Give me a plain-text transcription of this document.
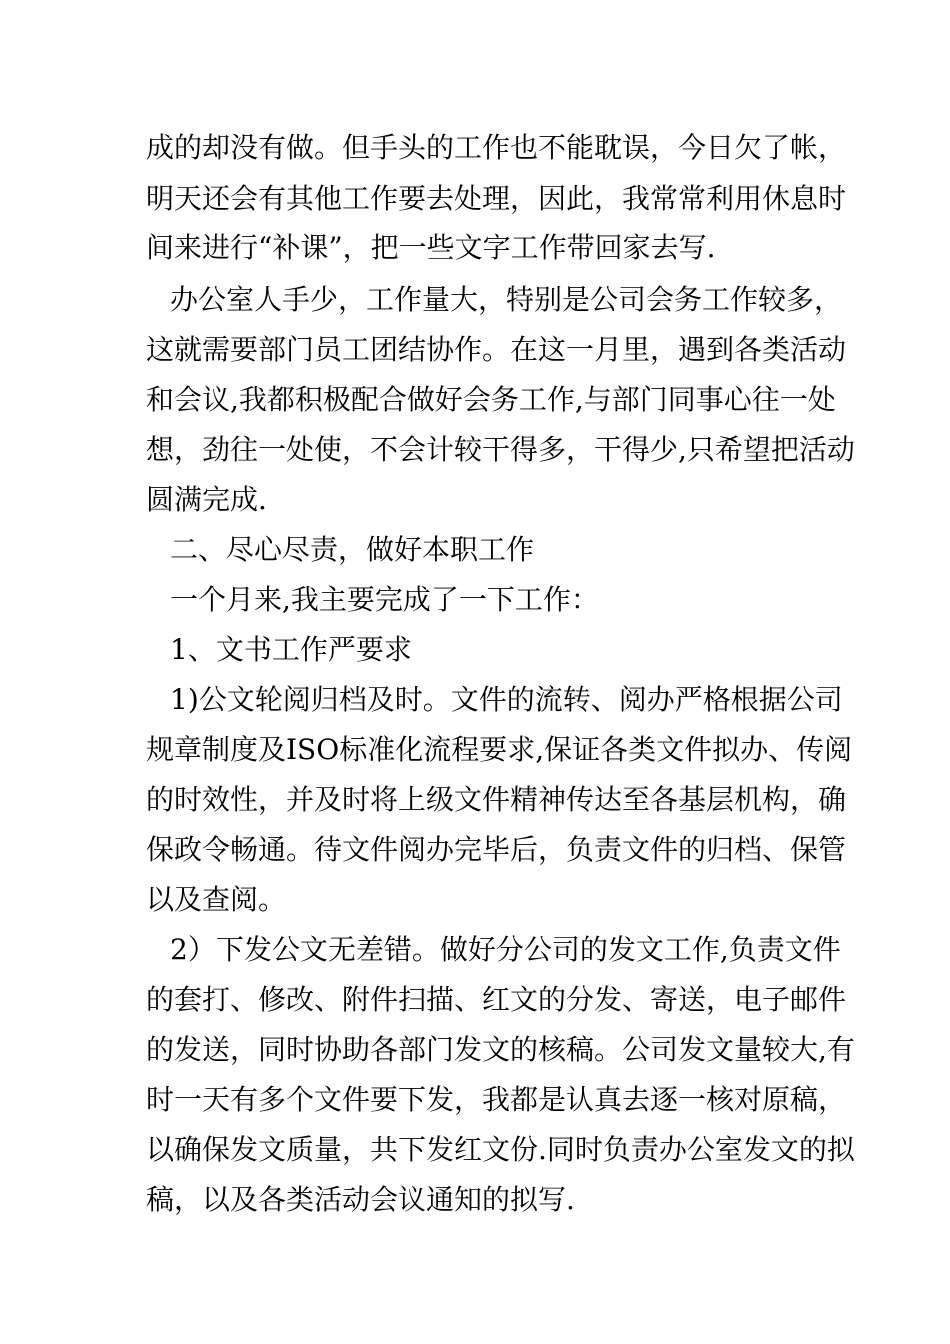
成的却没有做。但手头的工作也不能耽误，今日欠了帐，
明天还会有其他工作要去处理，因此，我常常利用休息时
间来进行“补课”，把一些文字工作带回家去写.
办公室人手少，工作量大，特别是公司会务工作较多，
这就需要部门员工团结协作。在这一月里，遇到各类活动
和会议,我都积极配合做好会务工作,与部门同事心往一处
想，劲往一处使，不会计较干得多，干得少,只希望把活动
圆满完成.
二、尽心尽责，做好本职工作
一个月来,我主要完成了一下工作：
1、文书工作严要求
1)公文轮阅归档及时。文件的流转、阅办严格根据公司
规章制度及ISO标准化流程要求,保证各类文件拟办、传阅
的时效性，并及时将上级文件精神传达至各基层机构，确
保政令畅通。待文件阅办完毕后，负责文件的归档、保管
以及查阅。
2）下发公文无差错。做好分公司的发文工作,负责文件
的套打、修改、附件扫描、红文的分发、寄送，电子邮件
的发送，同时协助各部门发文的核稿。公司发文量较大,有
时一天有多个文件要下发，我都是认真去逐一核对原稿，
以确保发文质量，共下发红文份.同时负责办公室发文的拟
稿，以及各类活动会议通知的拟写.
